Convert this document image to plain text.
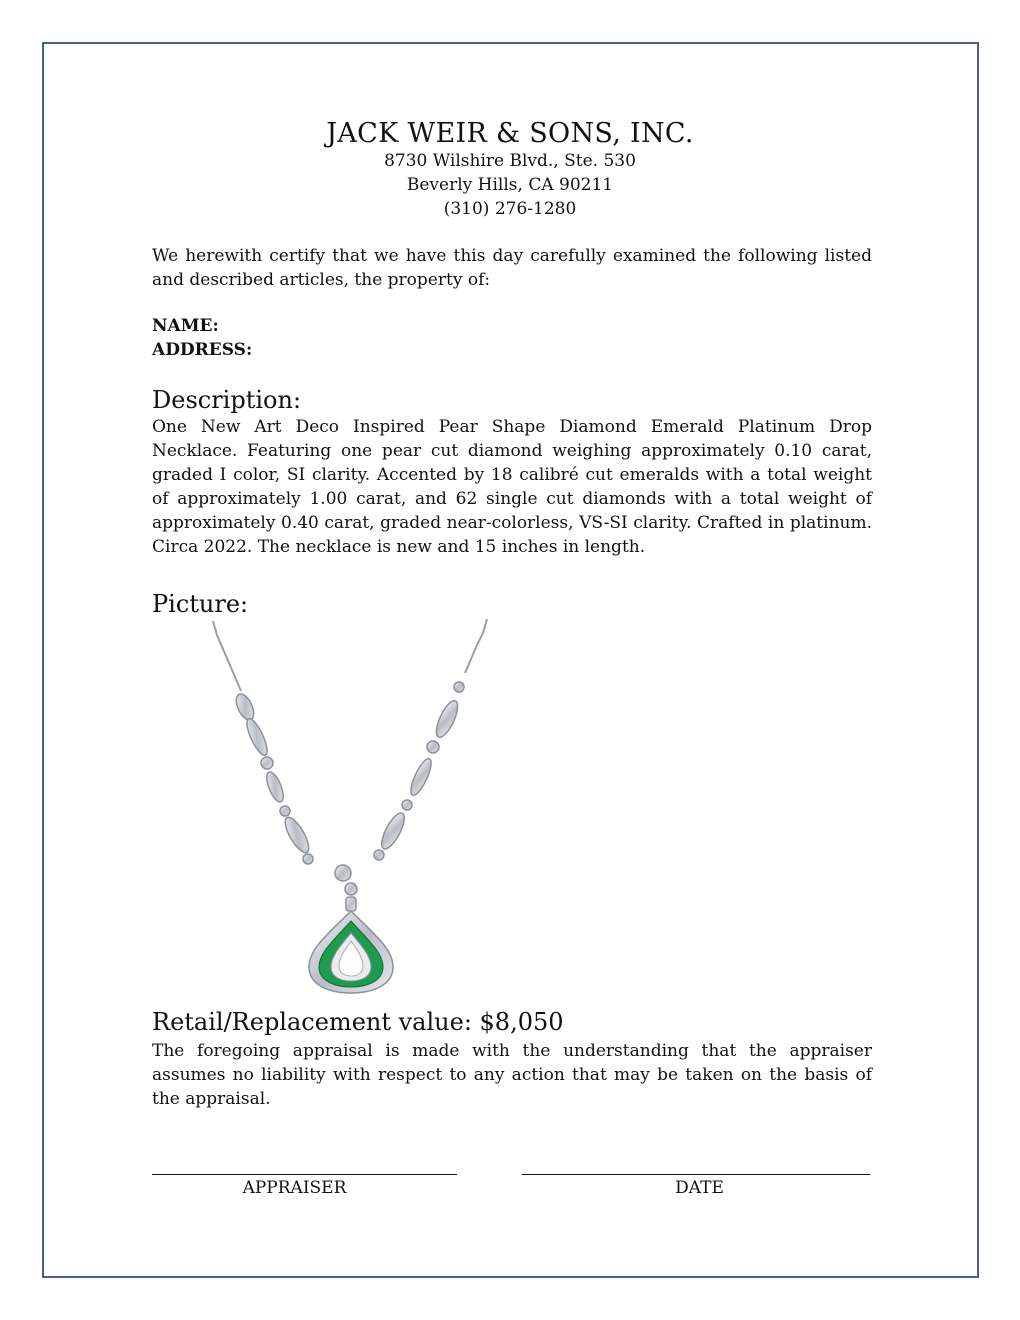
JACK WEIR & SONS, INC.
8730 Wilshire Blvd., Ste. 530
Beverly Hills, CA 90211
(310) 276-1280
We herewith certify that we have this day carefully examined the following listed and described articles, the property of:
NAME:
ADDRESS:
Description:
One New Art Deco Inspired Pear Shape Diamond Emerald Platinum Drop Necklace. Featuring one pear cut diamond weighing approximately 0.10 carat, graded I color, SI clarity. Accented by 18 calibré cut emeralds with a total weight of approximately 1.00 carat, and 62 single cut diamonds with a total weight of approximately 0.40 carat, graded near-colorless, VS-SI clarity. Crafted in platinum. Circa 2022. The necklace is new and 15 inches in length.
Picture:
Retail/Replacement value: $8,050
The foregoing appraisal is made with the understanding that the appraiser assumes no liability with respect to any action that may be taken on the basis of the appraisal.
APPRAISER	DATE
